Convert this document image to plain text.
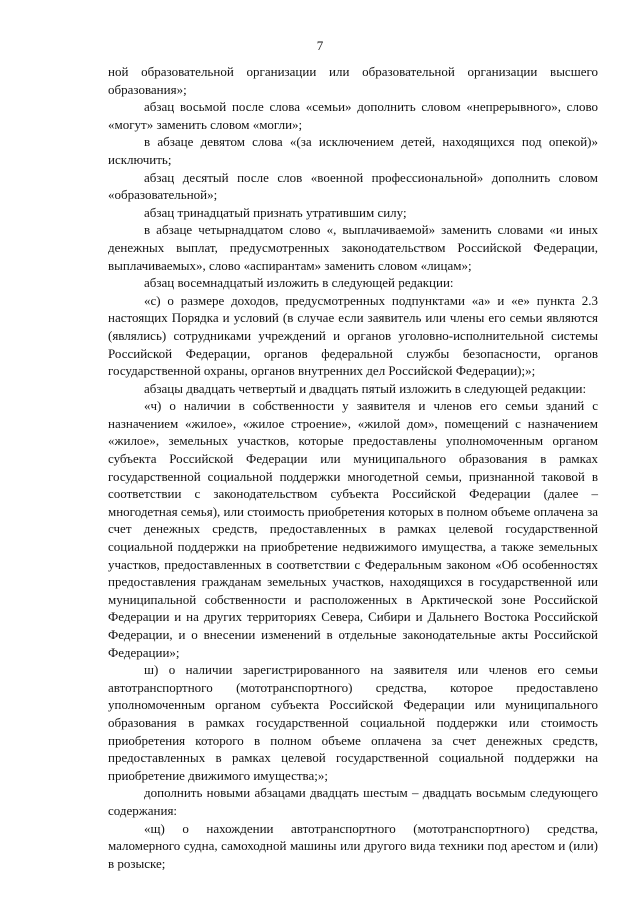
7

ной образовательной организации или образовательной организации высшего образования»;

абзац восьмой после слова «семьи» дополнить словом «непрерывного», слово «могут» заменить словом «могли»;

в абзаце девятом слова «(за исключением детей, находящихся под опекой)» исключить;

абзац десятый после слов «военной профессиональной» дополнить словом «образовательной»;

абзац тринадцатый признать утратившим силу;

в абзаце четырнадцатом слово «, выплачиваемой» заменить словами «и иных денежных выплат, предусмотренных законодательством Российской Федерации, выплачиваемых», слово «аспирантам» заменить словом «лицам»;

абзац восемнадцатый изложить в следующей редакции:

«с) о размере доходов, предусмотренных подпунктами «а» и «е» пункта 2.3 настоящих Порядка и условий (в случае если заявитель или члены его семьи являются (являлись) сотрудниками учреждений и органов уголовно-исполнительной системы Российской Федерации, органов федеральной службы безопасности, органов государственной охраны, органов внутренних дел Российской Федерации);»;

абзацы двадцать четвертый и двадцать пятый изложить в следующей редакции:

«ч) о наличии в собственности у заявителя и членов его семьи зданий с назначением «жилое», «жилое строение», «жилой дом», помещений с назначением «жилое», земельных участков, которые предоставлены уполномоченным органом субъекта Российской Федерации или муниципального образования в рамках государственной социальной поддержки многодетной семьи, признанной таковой в соответствии с законодательством субъекта Российской Федерации (далее – многодетная семья), или стоимость приобретения которых в полном объеме оплачена за счет денежных средств, предоставленных в рамках целевой государственной социальной поддержки на приобретение недвижимого имущества, а также земельных участков, предоставленных в соответствии с Федеральным законом «Об особенностях предоставления гражданам земельных участков, находящихся в государственной или муниципальной собственности и расположенных в Арктической зоне Российской Федерации и на других территориях Севера, Сибири и Дальнего Востока Российской Федерации, и о внесении изменений в отдельные законодательные акты Российской Федерации»;

ш) о наличии зарегистрированного на заявителя или членов его семьи автотранспортного (мототранспортного) средства, которое предоставлено уполномоченным органом субъекта Российской Федерации или муниципального образования в рамках государственной социальной поддержки или стоимость приобретения которого в полном объеме оплачена за счет денежных средств, предоставленных в рамках целевой государственной социальной поддержки на приобретение движимого имущества;»;

дополнить новыми абзацами двадцать шестым – двадцать восьмым следующего содержания:

«щ) о нахождении автотранспортного (мототранспортного) средства, маломерного судна, самоходной машины или другого вида техники под арестом и (или) в розыске;
